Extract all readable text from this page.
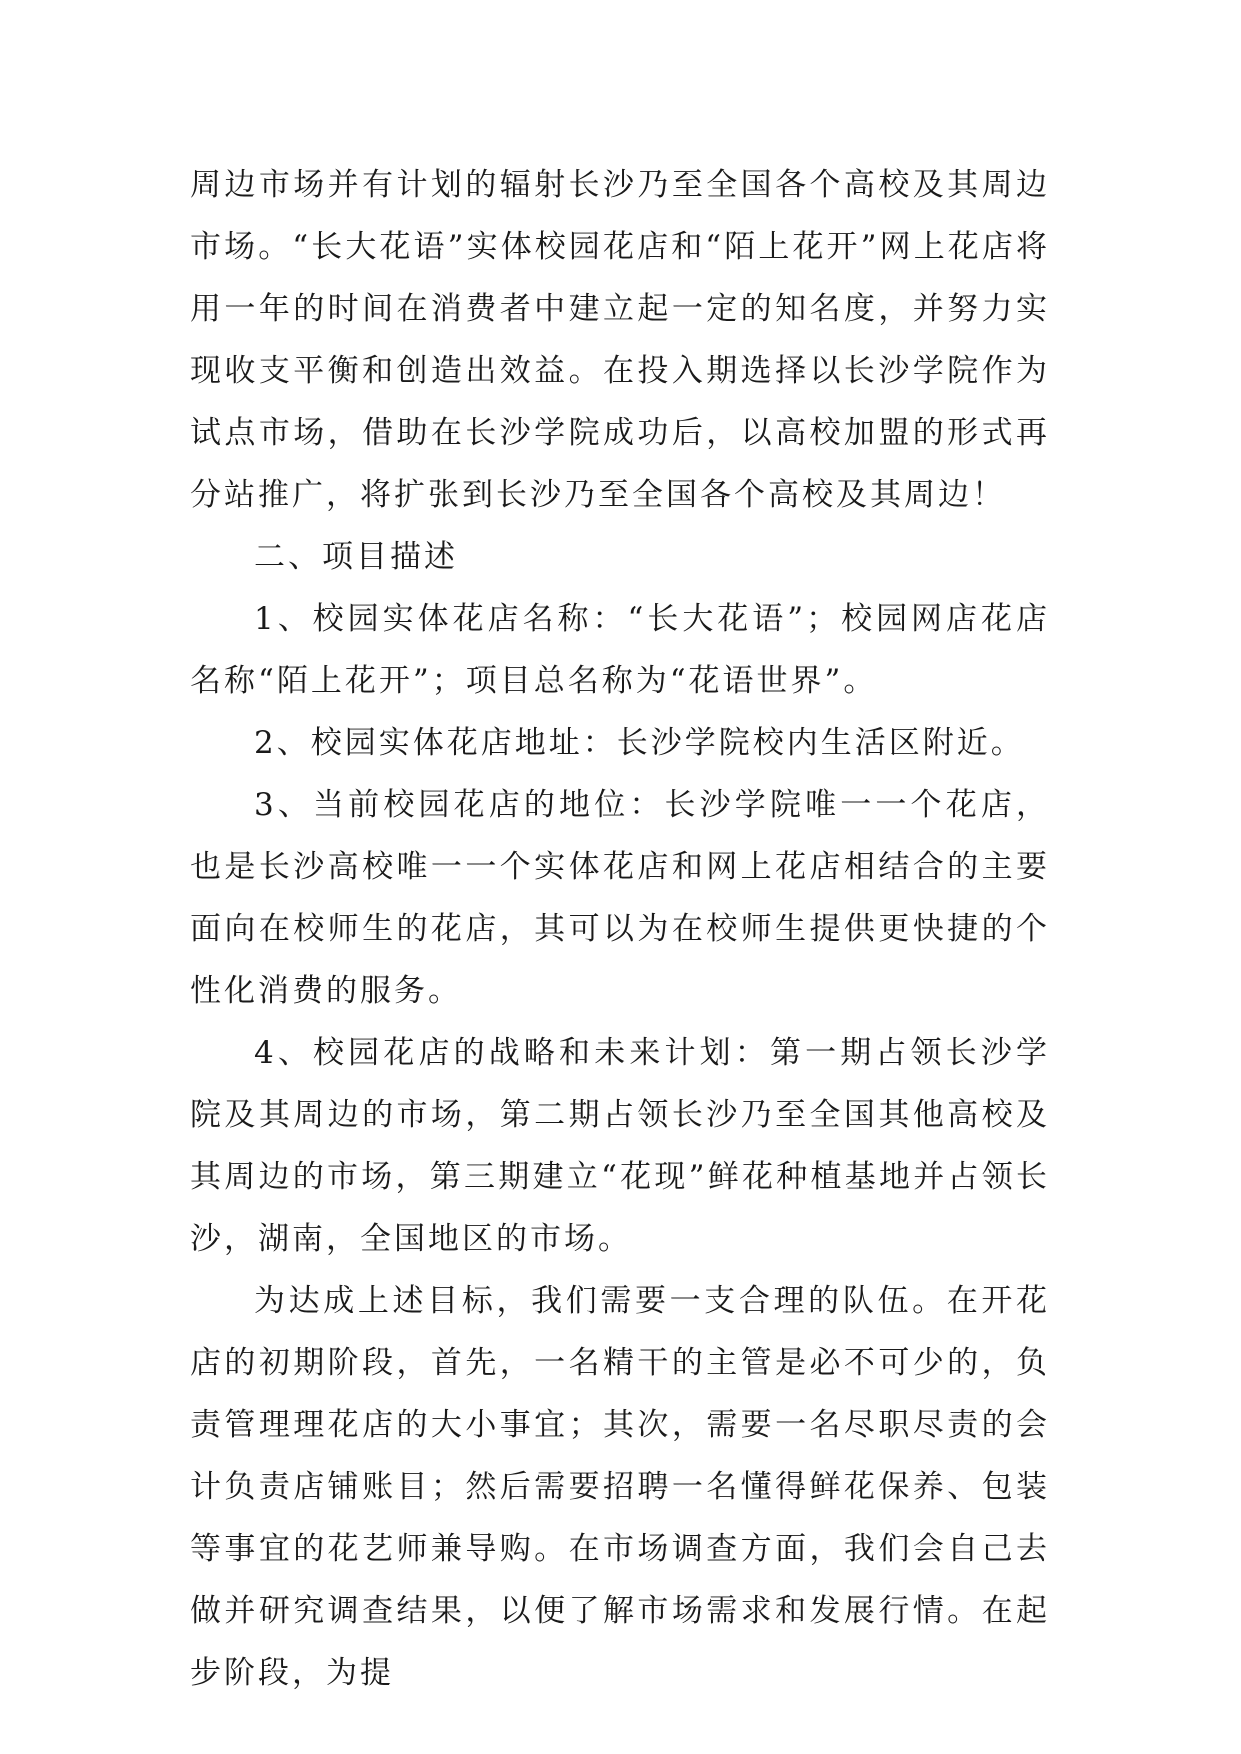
周边市场并有计划的辐射长沙乃至全国各个高校及其周边市场。“长大花语”实体校园花店和“陌上花开”网上花店将用一年的时间在消费者中建立起一定的知名度，并努力实现收支平衡和创造出效益。在投入期选择以长沙学院作为试点市场，借助在长沙学院成功后，以高校加盟的形式再分站推广，将扩张到长沙乃至全国各个高校及其周边！

二、项目描述

1、校园实体花店名称：“长大花语”；校园网店花店名称“陌上花开”；项目总名称为“花语世界”。

2、校园实体花店地址：长沙学院校内生活区附近。

3、当前校园花店的地位：长沙学院唯一一个花店，也是长沙高校唯一一个实体花店和网上花店相结合的主要面向在校师生的花店，其可以为在校师生提供更快捷的个性化消费的服务。

4、校园花店的战略和未来计划：第一期占领长沙学院及其周边的市场，第二期占领长沙乃至全国其他高校及其周边的市场，第三期建立“花现”鲜花种植基地并占领长沙，湖南，全国地区的市场。

为达成上述目标，我们需要一支合理的队伍。在开花店的初期阶段，首先，一名精干的主管是必不可少的，负责管理理花店的大小事宜；其次，需要一名尽职尽责的会计负责店铺账目；然后需要招聘一名懂得鲜花保养、包装等事宜的花艺师兼导购。在市场调查方面，我们会自己去做并研究调查结果，以便了解市场需求和发展行情。在起步阶段，为提
